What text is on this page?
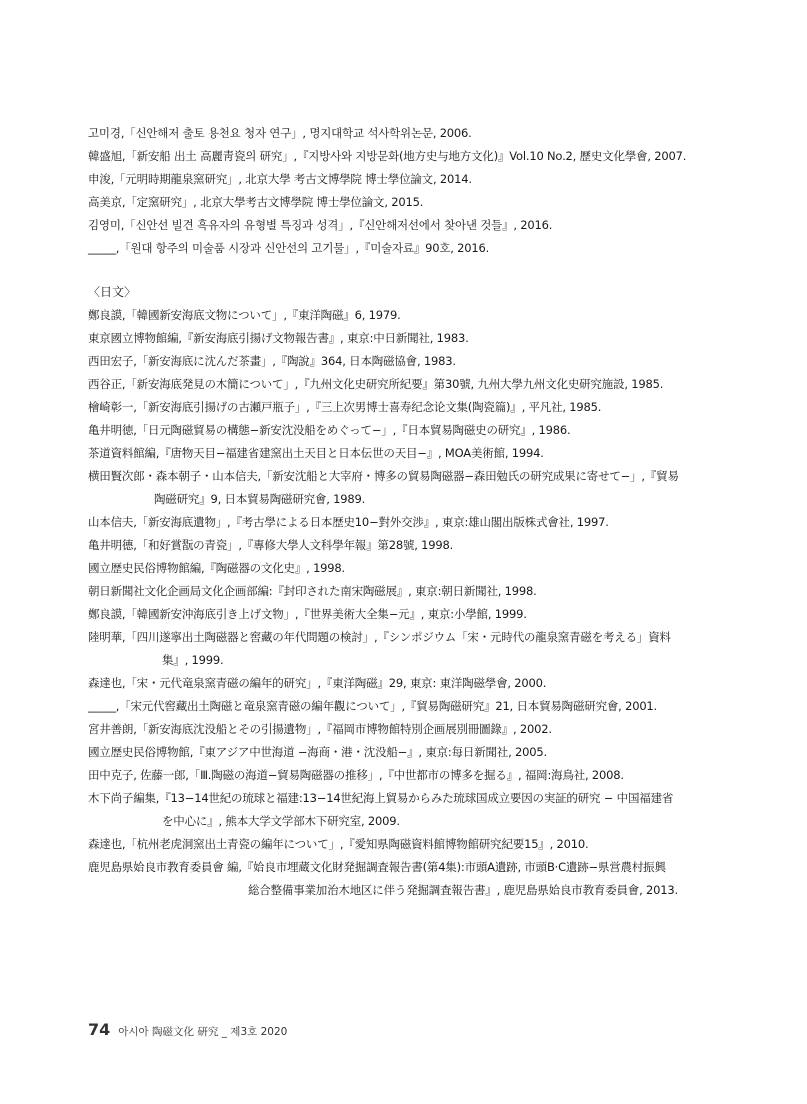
고미경,「신안해저 출토 용천요 청자 연구」, 명지대학교 석사학위논문, 2006.
韓盛旭,「新安船 出土 高麗靑瓷의 研究」,『지방사와 지방문화(地方史与地方文化)』Vol.10 No.2, 歷史文化學會, 2007.
申浚,「元明時期龍泉窯研究」, 北京大學 考古文博學院 博士學位論文, 2014.
高美京,「定窯研究」, 北京大學考古文博學院 博士學位論文, 2015.
김영미,「신안선 빌견 흑유자의 유형별 특징과 성격」,『신안해저선에서 찾아낸 것들』, 2016.
_____,「원대 항주의 미술품 시장과 신안선의 고기물」,『미술자료』90호, 2016.
〈日文〉
鄭良謨,「韓國新安海底文物について」,『東洋陶磁』6, 1979.
東京國立博物館編,『新安海底引揚げ文物報告書』, 東京:中日新聞社, 1983.
西田宏子,「新安海底に沈んだ茶畫」,『陶說』364, 日本陶磁協會, 1983.
西谷正,「新安海底発見の木簡について」,『九州文化史研究所紀要』第30號, 九州大學九州文化史研究施設, 1985.
檜崎彰一,「新安海底引揚げの古瀬戸瓶子」,『三上次男博士喜寿纪念论文集(陶瓷篇)』, 平凡社, 1985.
亀井明徳,「日元陶磁貿易の構態−新安沈没船をめぐって−」,『日本貿易陶磁史の研究』, 1986.
茶道資料館編,『唐物天目−福建省建窯出土天目と日本伝世の天目−』, MOA美術館, 1994.
横田賢次郎・森本朝子・山本信夫,「新安沈船と大宰府・博多の貿易陶磁器−森田勉氏の研究成果に寄せて−」,『貿易
陶磁研究』9, 日本貿易陶磁研究會, 1989.
山本信夫,「新安海底遺物」,『考古學による日本歴史10−對外交渉』, 東京:雄山閣出版株式會社, 1997.
亀井明德,「和好賞翫の青瓷」,『專修大學人文科學年報』第28號, 1998.
國立歴史民俗博物館編,『陶磁器の文化史』, 1998.
朝日新聞社文化企画局文化企画部編:『封印された南宋陶磁展』, 東京:朝日新聞社, 1998.
鄭良謨,「韓國新安沖海底引き上げ文物」,『世界美術大全集−元』, 東京:小學館, 1999.
陸明華,「四川遂寧出土陶磁器と窖藏の年代問題の検討」,『シンポジウム「宋・元時代の龍泉窯青磁を考える」資料
集』, 1999.
森達也,「宋・元代竜泉窯青磁の編年的研究」,『東洋陶磁』29, 東京: 東洋陶磁學會, 2000.
_____,「宋元代窖藏出土陶磁と竜泉窯青磁の編年觀について」,『貿易陶磁研究』21, 日本貿易陶磁研究會, 2001.
宮井善朗,「新安海底沈没船とその引揚遺物」,『福岡市博物館特別企画展別冊圖錄』, 2002.
國立歴史民俗博物館,『東アジア中世海道 −海商・港・沈没船−』, 東京:每日新聞社, 2005.
田中克子, 佐藤一郎,「Ⅲ.陶磁の海道−貿易陶磁器の推移」,『中世都市の博多を掘る』, 福岡:海鳥社, 2008.
木下尚子編集,『13−14世紀の琉球と福建:13−14世紀海上貿易からみた琉球国成立要因の実証的研究 − 中国福建省
を中心に』, 熊本大学文学部木下研究室, 2009.
森達也,「杭州老虎洞窯出土青瓷の編年について」,『愛知県陶磁資料館博物館研究紀要15』, 2010.
鹿児島県姶良市教育委員會 編,『姶良市埋蔵文化財発掘調査報告書(第4集):市頭A遺跡, 市頭B·C遺跡−県営農村振興
総合整備事業加治木地区に伴う発掘調査報告書』, 鹿児島県姶良市教育委員會, 2013.
74 아시아 陶磁文化 硏究 _ 제3호 2020
